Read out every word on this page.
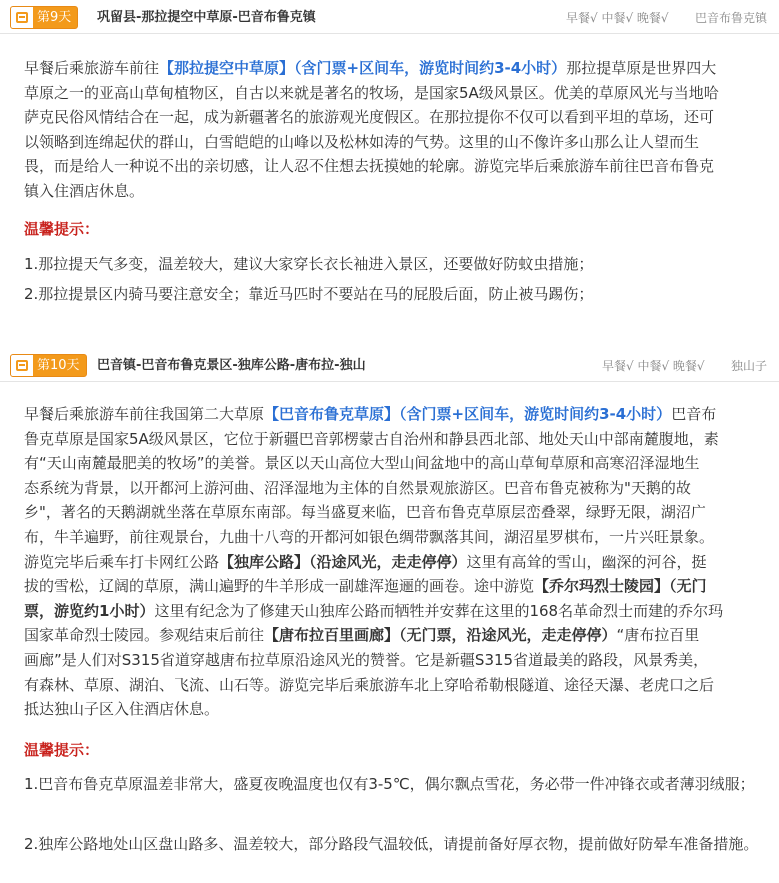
第9天	巩留县-那拉提空中草原-巴音布鲁克镇	早餐√ 中餐√ 晚餐√ 巴音布鲁克镇
早餐后乘旅游车前往【那拉提空中草原】（含门票+区间车，游览时间约3-4小时）那拉提草原是世界四大
草原之一的亚高山草甸植物区，自古以来就是著名的牧场，是国家5A级风景区。优美的草原风光与当地哈
萨克民俗风情结合在一起，成为新疆著名的旅游观光度假区。在那拉提你不仅可以看到平坦的草场，还可
以领略到连绵起伏的群山，白雪皑皑的山峰以及松林如涛的气势。这里的山不像许多山那么让人望而生
畏，而是给人一种说不出的亲切感，让人忍不住想去抚摸她的轮廓。游览完毕后乘旅游车前往巴音布鲁克
镇入住酒店休息。
温馨提示：
1.那拉提天气多变，温差较大，建议大家穿长衣长袖进入景区，还要做好防蚊虫措施；
2.那拉提景区内骑马要注意安全；靠近马匹时不要站在马的屁股后面，防止被马踢伤；
第10天	巴音镇-巴音布鲁克景区-独库公路-唐布拉-独山	早餐√ 中餐√ 晚餐√ 独山子
早餐后乘旅游车前往我国第二大草原【巴音布鲁克草原】（含门票+区间车，游览时间约3-4小时）巴音布
鲁克草原是国家5A级风景区，它位于新疆巴音郭楞蒙古自治州和静县西北部、地处天山中部南麓腹地，素
有“天山南麓最肥美的牧场”的美誉。景区以天山高位大型山间盆地中的高山草甸草原和高寒沼泽湿地生
态系统为背景，以开都河上游河曲、沼泽湿地为主体的自然景观旅游区。巴音布鲁克被称为"天鹅的故
乡"，著名的天鹅湖就坐落在草原东南部。每当盛夏来临，巴音布鲁克草原层峦叠翠，绿野无限，湖沼广
布，牛羊遍野，前往观景台，九曲十八弯的开都河如银色绸带飘落其间，湖沼星罗棋布，一片兴旺景象。
游览完毕后乘车打卡网红公路【独库公路】（沿途风光，走走停停）这里有高耸的雪山，幽深的河谷，挺
拔的雪松，辽阔的草原，满山遍野的牛羊形成一副雄浑迤逦的画卷。途中游览【乔尔玛烈士陵园】（无门
票，游览约1小时）这里有纪念为了修建天山独库公路而牺牲并安葬在这里的168名革命烈士而建的乔尔玛
国家革命烈士陵园。参观结束后前往【唐布拉百里画廊】（无门票，沿途风光，走走停停）“唐布拉百里
画廊”是人们对S315省道穿越唐布拉草原沿途风光的赞誉。它是新疆S315省道最美的路段，风景秀美，
有森林、草原、湖泊、飞流、山石等。游览完毕后乘旅游车北上穿哈希勒根隧道、途径天瀑、老虎口之后
抵达独山子区入住酒店休息。
温馨提示：
1.巴音布鲁克草原温差非常大，盛夏夜晚温度也仅有3-5℃，偶尔飘点雪花，务必带一件冲锋衣或者薄羽绒服；
2.独库公路地处山区盘山路多、温差较大，部分路段气温较低，请提前备好厚衣物，提前做好防晕车准备措施。
